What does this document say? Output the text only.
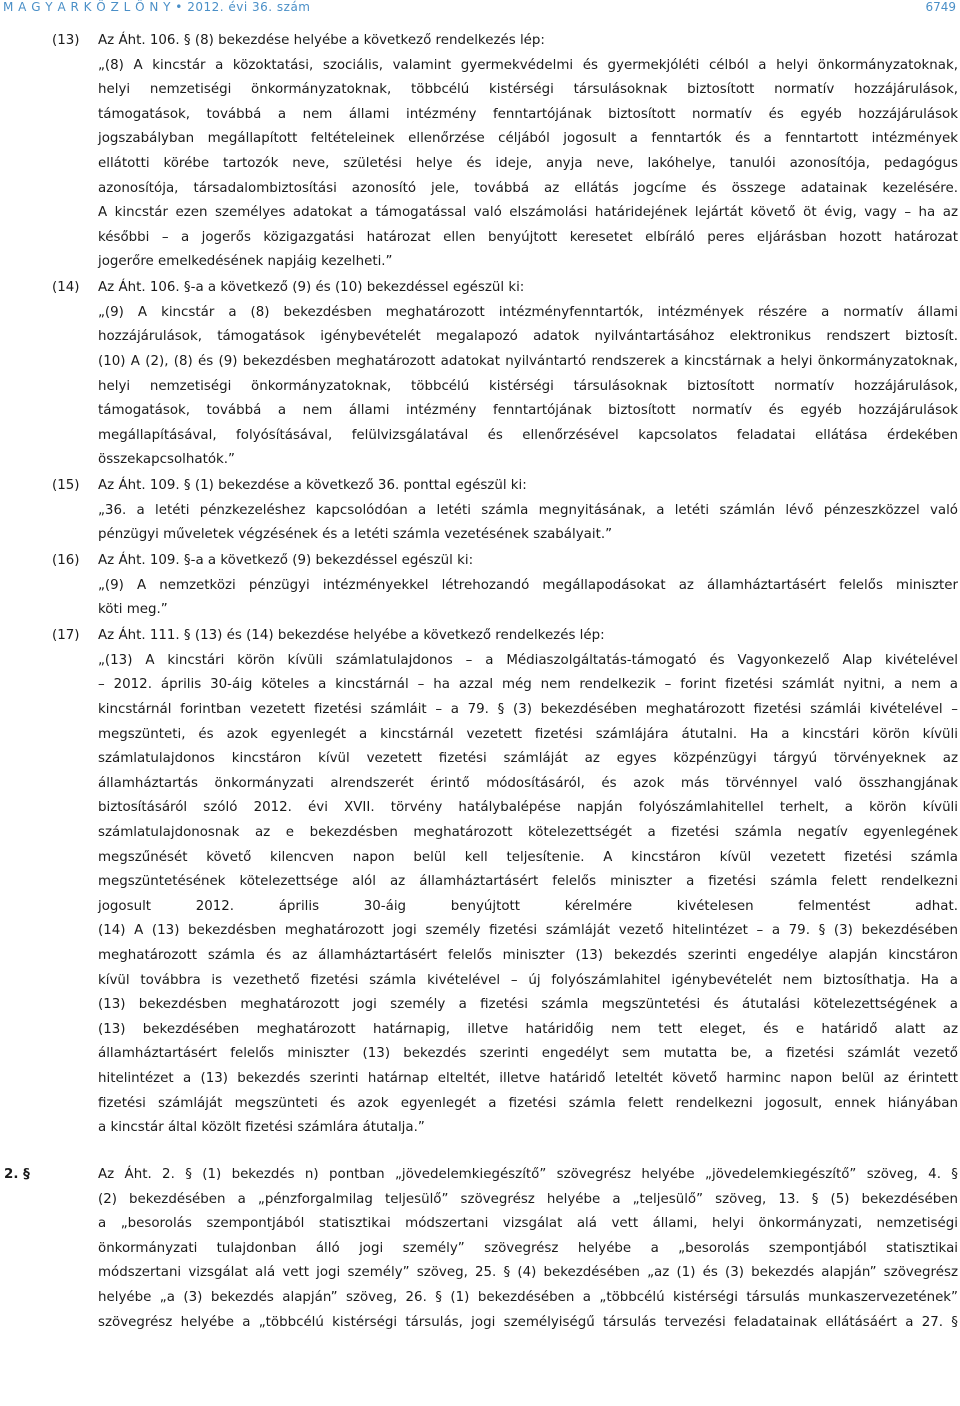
M A G Y A R K Ö Z L Ö N Y • 2012. évi 36. szám	6749
(13) Az Áht. 106. § (8) bekezdése helyébe a következő rendelkezés lép:
„(8) A kincstár a közoktatási, szociális, valamint gyermekvédelmi és gyermekjóléti célból a helyi önkormányzatoknak,
helyi nemzetiségi önkormányzatoknak, többcélú kistérségi társulásoknak biztosított normatív hozzájárulások,
támogatások, továbbá a nem állami intézmény fenntartójának biztosított normatív és egyéb hozzájárulások
jogszabályban megállapított feltételeinek ellenőrzése céljából jogosult a fenntartók és a fenntartott intézmények
ellátotti körébe tartozók neve, születési helye és ideje, anyja neve, lakóhelye, tanulói azonosítója, pedagógus
azonosítója, társadalombiztosítási azonosító jele, továbbá az ellátás jogcíme és összege adatainak kezelésére.
A kincstár ezen személyes adatokat a támogatással való elszámolási határidejének lejártát követő öt évig, vagy – ha az
későbbi – a jogerős közigazgatási határozat ellen benyújtott keresetet elbíráló peres eljárásban hozott határozat
jogerőre emelkedésének napjáig kezelheti.”
(14) Az Áht. 106. §-a a következő (9) és (10) bekezdéssel egészül ki:
„(9) A kincstár a (8) bekezdésben meghatározott intézményfenntartók, intézmények részére a normatív állami
hozzájárulások, támogatások igénybevételét megalapozó adatok nyilvántartásához elektronikus rendszert biztosít.
(10) A (2), (8) és (9) bekezdésben meghatározott adatokat nyilvántartó rendszerek a kincstárnak a helyi önkormányzatoknak,
helyi nemzetiségi önkormányzatoknak, többcélú kistérségi társulásoknak biztosított normatív hozzájárulások,
támogatások, továbbá a nem állami intézmény fenntartójának biztosított normatív és egyéb hozzájárulások
megállapításával, folyósításával, felülvizsgálatával és ellenőrzésével kapcsolatos feladatai ellátása érdekében
összekapcsolhatók.”
(15) Az Áht. 109. § (1) bekezdése a következő 36. ponttal egészül ki:
„36. a letéti pénzkezeléshez kapcsolódóan a letéti számla megnyitásának, a letéti számlán lévő pénzeszközzel való
pénzügyi műveletek végzésének és a letéti számla vezetésének szabályait.”
(16) Az Áht. 109. §-a a következő (9) bekezdéssel egészül ki:
„(9) A nemzetközi pénzügyi intézményekkel létrehozandó megállapodásokat az államháztartásért felelős miniszter
köti meg.”
(17) Az Áht. 111. § (13) és (14) bekezdése helyébe a következő rendelkezés lép:
„(13) A kincstári körön kívüli számlatulajdonos – a Médiaszolgáltatás-támogató és Vagyonkezelő Alap kivételével
– 2012. április 30-áig köteles a kincstárnál – ha azzal még nem rendelkezik – forint fizetési számlát nyitni, a nem a
kincstárnál forintban vezetett fizetési számláit – a 79. § (3) bekezdésében meghatározott fizetési számlái kivételével –
megszünteti, és azok egyenlegét a kincstárnál vezetett fizetési számlájára átutalni. Ha a kincstári körön kívüli
számlatulajdonos kincstáron kívül vezetett fizetési számláját az egyes közpénzügyi tárgyú törvényeknek az
államháztartás önkormányzati alrendszerét érintő módosításáról, és azok más törvénnyel való összhangjának
biztosításáról szóló 2012. évi XVII. törvény hatálybalépése napján folyószámlahitellel terhelt, a körön kívüli
számlatulajdonosnak az e bekezdésben meghatározott kötelezettségét a fizetési számla negatív egyenlegének
megszűnését követő kilencven napon belül kell teljesítenie. A kincstáron kívül vezetett fizetési számla
megszüntetésének kötelezettsége alól az államháztartásért felelős miniszter a fizetési számla felett rendelkezni
jogosult 2012. április 30-áig benyújtott kérelmére kivételesen felmentést adhat.
(14) A (13) bekezdésben meghatározott jogi személy fizetési számláját vezető hitelintézet – a 79. § (3) bekezdésében
meghatározott számla és az államháztartásért felelős miniszter (13) bekezdés szerinti engedélye alapján kincstáron
kívül továbbra is vezethető fizetési számla kivételével – új folyószámlahitel igénybevételét nem biztosíthatja. Ha a
(13) bekezdésben meghatározott jogi személy a fizetési számla megszüntetési és átutalási kötelezettségének a
(13) bekezdésében meghatározott határnapig, illetve határidőig nem tett eleget, és e határidő alatt az
államháztartásért felelős miniszter (13) bekezdés szerinti engedélyt sem mutatta be, a fizetési számlát vezető
hitelintézet a (13) bekezdés szerinti határnap elteltét, illetve határidő leteltét követő harminc napon belül az érintett
fizetési számláját megszünteti és azok egyenlegét a fizetési számla felett rendelkezni jogosult, ennek hiányában
a kincstár által közölt fizetési számlára átutalja.”
2. §	Az Áht. 2. § (1) bekezdés n) pontban „jövedelemkiegészítő” szövegrész helyébe „jövedelemkiegészítő” szöveg, 4. §
(2) bekezdésében a „pénzforgalmilag teljesülő” szövegrész helyébe a „teljesülő” szöveg, 13. § (5) bekezdésében
a „besorolás szempontjából statisztikai módszertani vizsgálat alá vett állami, helyi önkormányzati, nemzetiségi
önkormányzati tulajdonban álló jogi személy” szövegrész helyébe a „besorolás szempontjából statisztikai
módszertani vizsgálat alá vett jogi személy” szöveg, 25. § (4) bekezdésében „az (1) és (3) bekezdés alapján” szövegrész
helyébe „a (3) bekezdés alapján” szöveg, 26. § (1) bekezdésében a „többcélú kistérségi társulás munkaszervezetének”
szövegrész helyébe a „többcélú kistérségi társulás, jogi személyiségű társulás tervezési feladatainak ellátásáért a 27. §
